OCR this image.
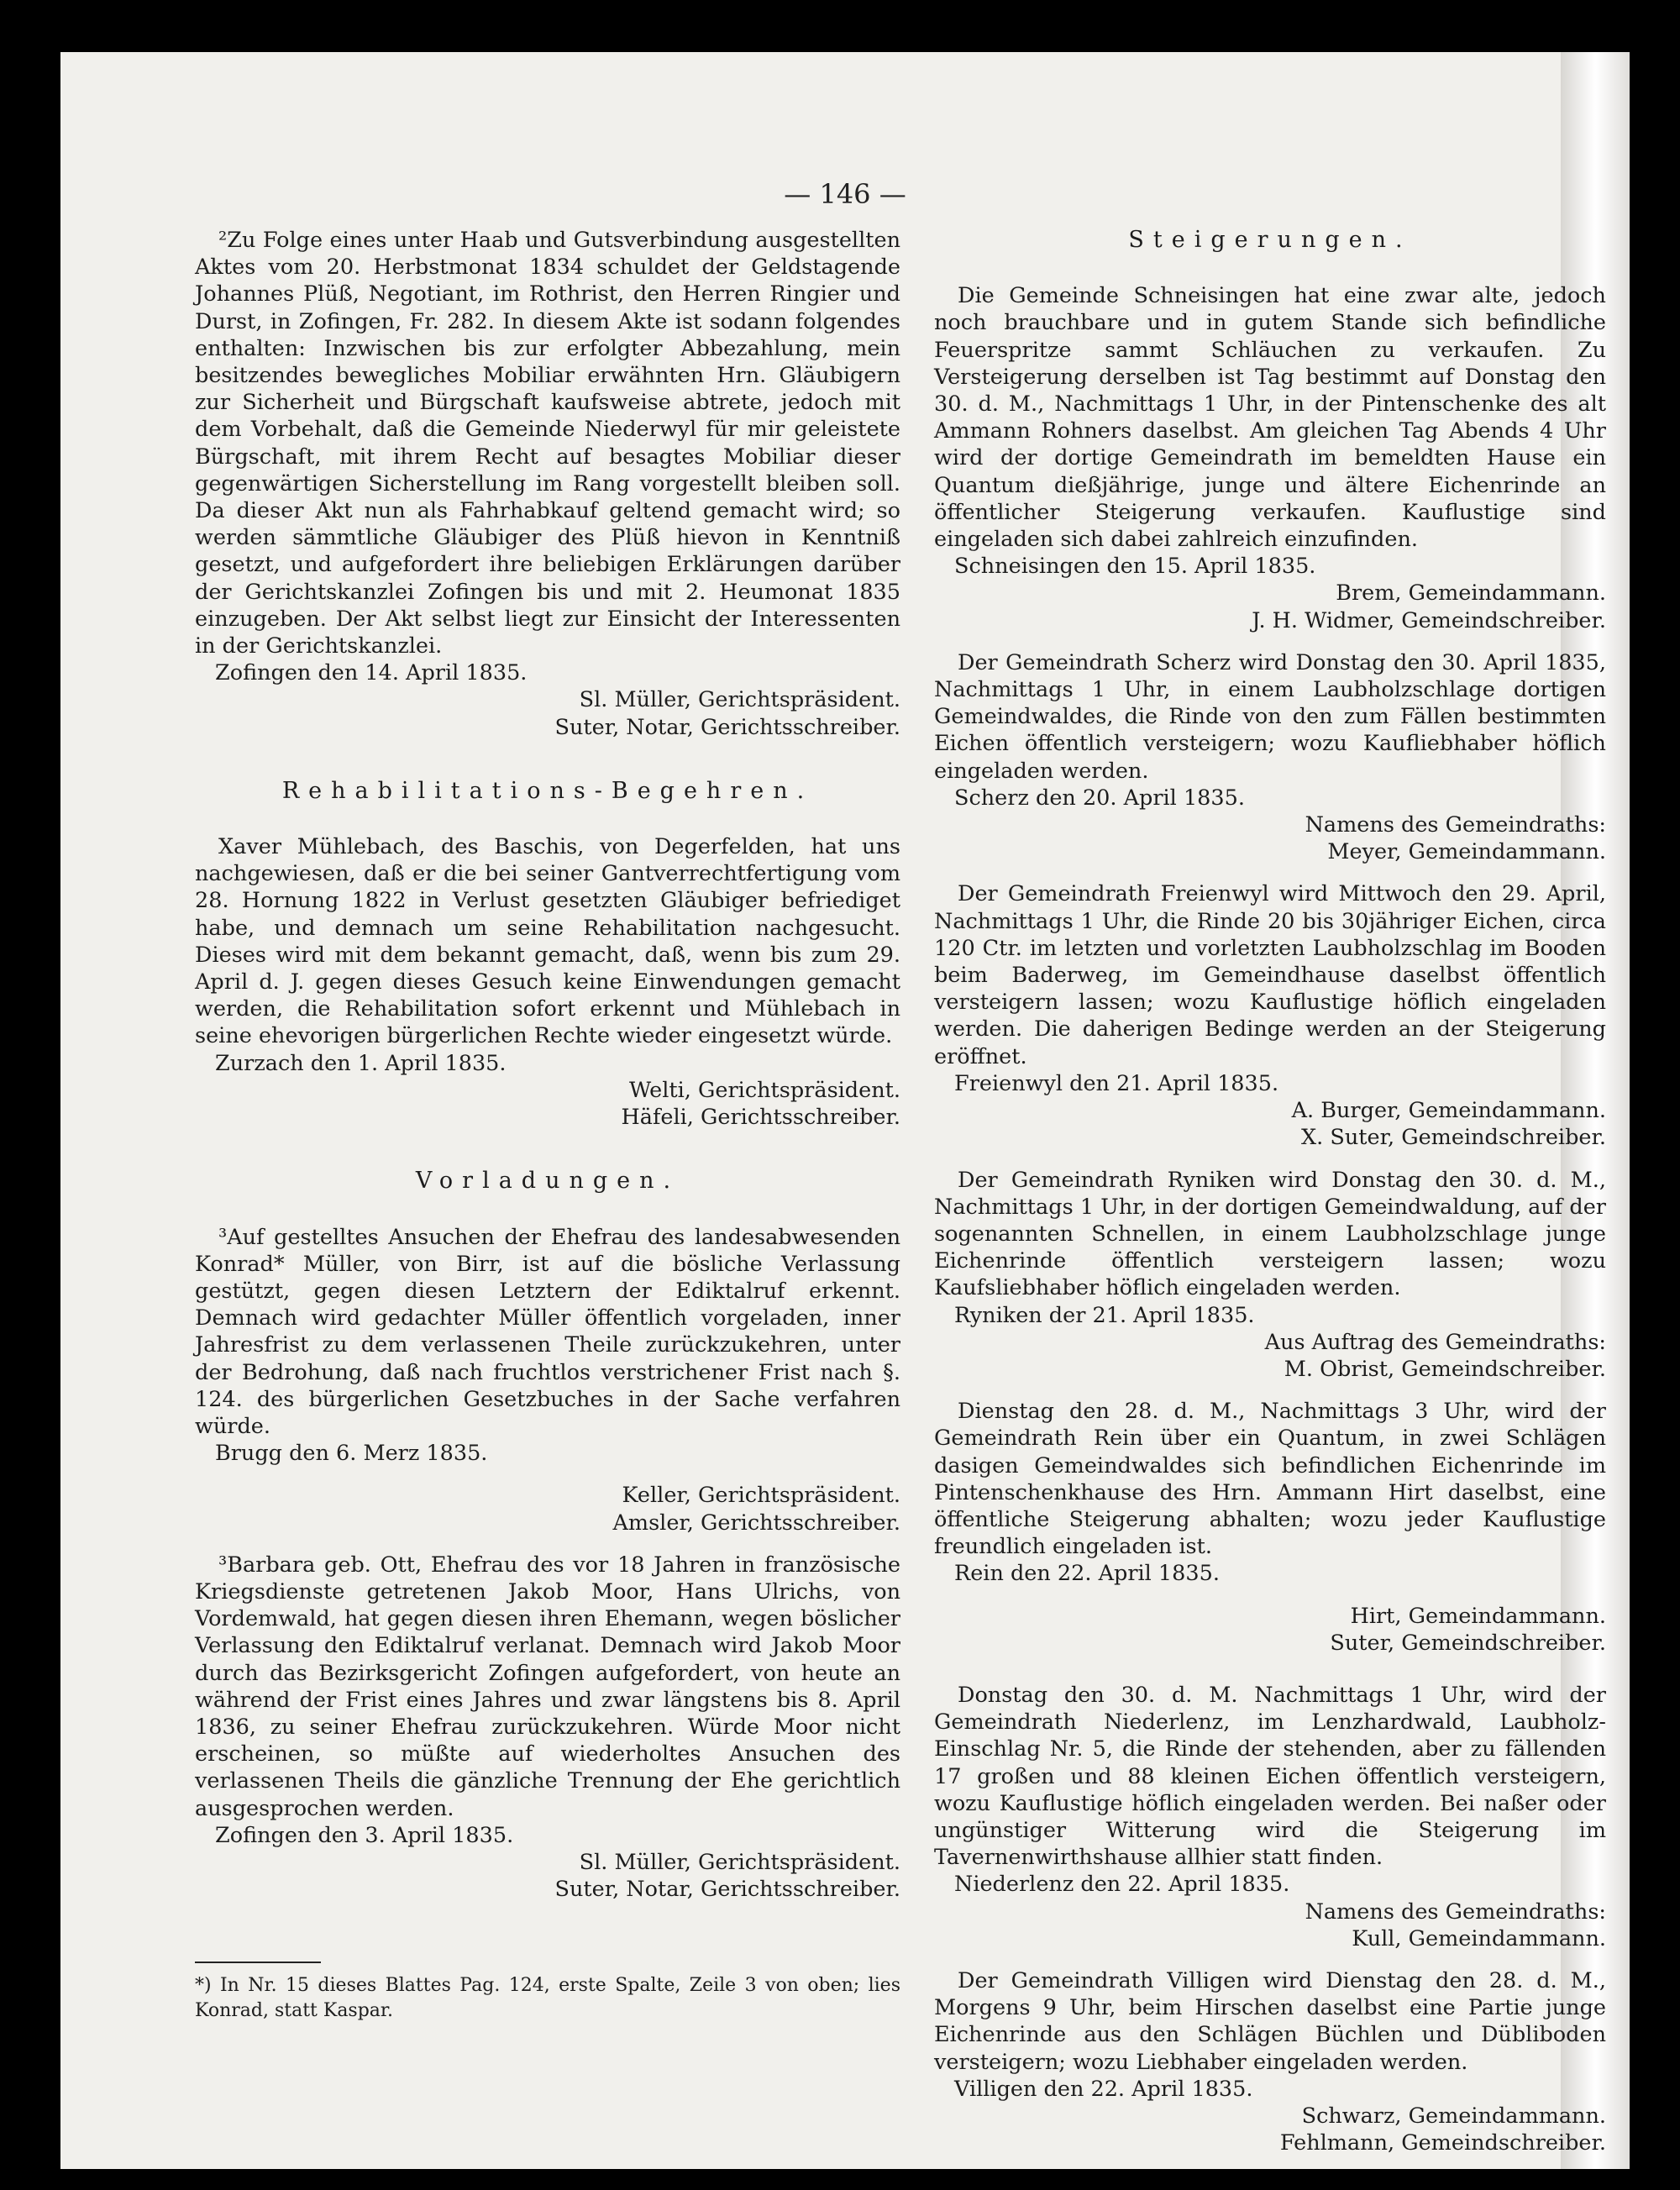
— 146 —

²Zu Folge eines unter Haab und Gutsverbindung ausgestellten Aktes vom 20. Herbstmonat 1834 schuldet der Geldstagende Johannes Plüß, Negotiant, im Rothrist, den Herren Ringier und Durst, in Zofingen, Fr. 282. In diesem Akte ist sodann folgendes enthalten: Inzwischen bis zur erfolgter Abbezahlung, mein besitzendes bewegliches Mobiliar erwähnten Hrn. Gläubigern zur Sicherheit und Bürgschaft kaufsweise abtrete, jedoch mit dem Vorbehalt, daß die Gemeinde Niederwyl für mir geleistete Bürgschaft, mit ihrem Recht auf besagtes Mobiliar dieser gegenwärtigen Sicherstellung im Rang vorgestellt bleiben soll. Da dieser Akt nun als Fahrhabkauf geltend gemacht wird; so werden sämmtliche Gläubiger des Plüß hievon in Kenntniß gesetzt, und aufgefordert ihre beliebigen Erklärungen darüber der Gerichtskanzlei Zofingen bis und mit 2. Heumonat 1835 einzugeben. Der Akt selbst liegt zur Einsicht der Interessenten in der Gerichtskanzlei.

Zofingen den 14. April 1835.

Sl. Müller, Gerichtspräsident.

Suter, Notar, Gerichtsschreiber.

Rehabilitations-Begehren.

Xaver Mühlebach, des Baschis, von Degerfelden, hat uns nachgewiesen, daß er die bei seiner Gantverrechtfertigung vom 28. Hornung 1822 in Verlust gesetzten Gläubiger befriediget habe, und demnach um seine Rehabilitation nachgesucht. Dieses wird mit dem bekannt gemacht, daß, wenn bis zum 29. April d. J. gegen dieses Gesuch keine Einwendungen gemacht werden, die Rehabilitation sofort erkennt und Mühlebach in seine ehevorigen bürgerlichen Rechte wieder eingesetzt würde.

Zurzach den 1. April 1835.

Welti, Gerichtspräsident.

Häfeli, Gerichtsschreiber.

Vorladungen.

³Auf gestelltes Ansuchen der Ehefrau des landesabwesenden Konrad* Müller, von Birr, ist auf die bösliche Verlassung gestützt, gegen diesen Letztern der Ediktalruf erkennt. Demnach wird gedachter Müller öffentlich vorgeladen, inner Jahresfrist zu dem verlassenen Theile zurückzukehren, unter der Bedrohung, daß nach fruchtlos verstrichener Frist nach §. 124. des bürgerlichen Gesetzbuches in der Sache verfahren würde.

Brugg den 6. Merz 1835.

Keller, Gerichtspräsident.

Amsler, Gerichtsschreiber.

³Barbara geb. Ott, Ehefrau des vor 18 Jahren in französische Kriegsdienste getretenen Jakob Moor, Hans Ulrichs, von Vordemwald, hat gegen diesen ihren Ehemann, wegen böslicher Verlassung den Ediktalruf verlanat. Demnach wird Jakob Moor durch das Bezirksgericht Zofingen aufgefordert, von heute an während der Frist eines Jahres und zwar längstens bis 8. April 1836, zu seiner Ehefrau zurückzukehren. Würde Moor nicht erscheinen, so müßte auf wiederholtes Ansuchen des verlassenen Theils die gänzliche Trennung der Ehe gerichtlich ausgesprochen werden.

Zofingen den 3. April 1835.

Sl. Müller, Gerichtspräsident.

Suter, Notar, Gerichtsschreiber.

*) In Nr. 15 dieses Blattes Pag. 124, erste Spalte, Zeile 3 von oben; lies Konrad, statt Kaspar.

Steigerungen.

Die Gemeinde Schneisingen hat eine zwar alte, jedoch noch brauchbare und in gutem Stande sich befindliche Feuerspritze sammt Schläuchen zu verkaufen. Zu Versteigerung derselben ist Tag bestimmt auf Donstag den 30. d. M., Nachmittags 1 Uhr, in der Pintenschenke des alt Ammann Rohners daselbst. Am gleichen Tag Abends 4 Uhr wird der dortige Gemeindrath im bemeldten Hause ein Quantum dießjährige, junge und ältere Eichenrinde an öffentlicher Steigerung verkaufen. Kauflustige sind eingeladen sich dabei zahlreich einzufinden.

Schneisingen den 15. April 1835.

Brem, Gemeindammann.

J. H. Widmer, Gemeindschreiber.

Der Gemeindrath Scherz wird Donstag den 30. April 1835, Nachmittags 1 Uhr, in einem Laubholzschlage dortigen Gemeindwaldes, die Rinde von den zum Fällen bestimmten Eichen öffentlich versteigern; wozu Kaufliebhaber höflich eingeladen werden.

Scherz den 20. April 1835.

Namens des Gemeindraths:

Meyer, Gemeindammann.

Der Gemeindrath Freienwyl wird Mittwoch den 29. April, Nachmittags 1 Uhr, die Rinde 20 bis 30jähriger Eichen, circa 120 Ctr. im letzten und vorletzten Laubholzschlag im Booden beim Baderweg, im Gemeindhause daselbst öffentlich versteigern lassen; wozu Kauflustige höflich eingeladen werden. Die daherigen Bedinge werden an der Steigerung eröffnet.

Freienwyl den 21. April 1835.

A. Burger, Gemeindammann.

X. Suter, Gemeindschreiber.

Der Gemeindrath Ryniken wird Donstag den 30. d. M., Nachmittags 1 Uhr, in der dortigen Gemeindwaldung, auf der sogenannten Schnellen, in einem Laubholzschlage junge Eichenrinde öffentlich versteigern lassen; wozu Kaufsliebhaber höflich eingeladen werden.

Ryniken der 21. April 1835.

Aus Auftrag des Gemeindraths:

M. Obrist, Gemeindschreiber.

Dienstag den 28. d. M., Nachmittags 3 Uhr, wird der Gemeindrath Rein über ein Quantum, in zwei Schlägen dasigen Gemeindwaldes sich befindlichen Eichenrinde im Pintenschenkhause des Hrn. Ammann Hirt daselbst, eine öffentliche Steigerung abhalten; wozu jeder Kauflustige freundlich eingeladen ist.

Rein den 22. April 1835.

Hirt, Gemeindammann.

Suter, Gemeindschreiber.

Donstag den 30. d. M. Nachmittags 1 Uhr, wird der Gemeindrath Niederlenz, im Lenzhardwald, Laubholz-Einschlag Nr. 5, die Rinde der stehenden, aber zu fällenden 17 großen und 88 kleinen Eichen öffentlich versteigern, wozu Kauflustige höflich eingeladen werden. Bei naßer oder ungünstiger Witterung wird die Steigerung im Tavernenwirthshause allhier statt finden.

Niederlenz den 22. April 1835.

Namens des Gemeindraths:

Kull, Gemeindammann.

Der Gemeindrath Villigen wird Dienstag den 28. d. M., Morgens 9 Uhr, beim Hirschen daselbst eine Partie junge Eichenrinde aus den Schlägen Büchlen und Dübliboden versteigern; wozu Liebhaber eingeladen werden.

Villigen den 22. April 1835.

Schwarz, Gemeindammann.

Fehlmann, Gemeindschreiber.
